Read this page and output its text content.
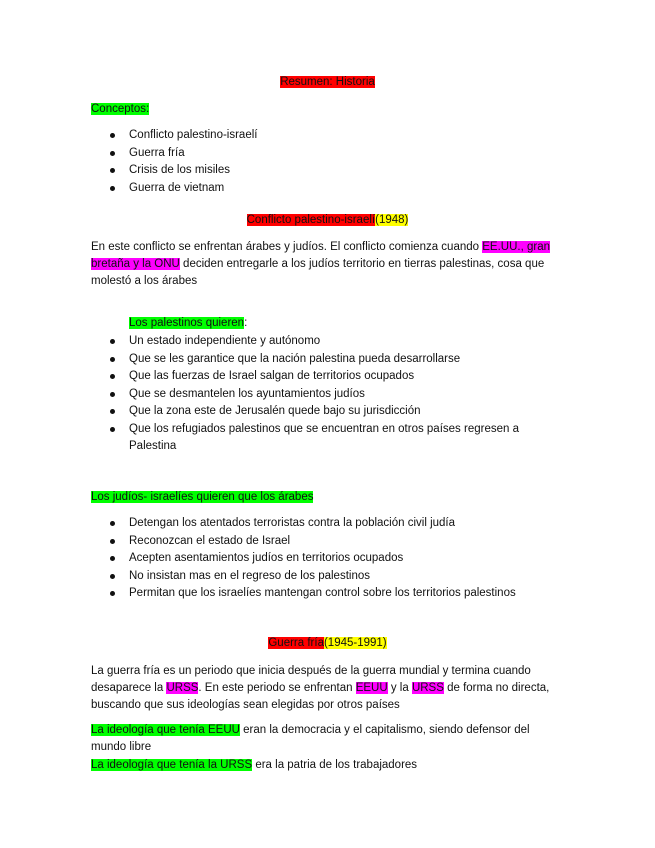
Resumen: Historia
Conceptos:
Conflicto palestino-israelí
Guerra fría
Crisis de los misiles
Guerra de vietnam
Conflicto palestino-israelí(1948)
En este conflicto se enfrentan árabes y judíos. El conflicto comienza cuando EE.UU., gran bretaña y la ONU deciden entregarle a los judíos territorio en tierras palestinas, cosa que molestó a los árabes
Los palestinos quieren:
Un estado independiente y autónomo
Que se les garantice que la nación palestina pueda desarrollarse
Que las fuerzas de Israel salgan de territorios ocupados
Que se desmantelen los ayuntamientos judíos
Que la zona este de Jerusalén quede bajo su jurisdicción
Que los refugiados palestinos que se encuentran en otros países regresen a Palestina
Los judíos- israelíes quieren que los árabes
Detengan los atentados terroristas contra la población civil judía
Reconozcan el estado de Israel
Acepten asentamientos judíos en territorios ocupados
No insistan mas en el regreso de los palestinos
Permitan que los israelíes mantengan control sobre los territorios palestinos
Guerra fría(1945-1991)
La guerra fría es un periodo que inicia después de la guerra mundial y termina cuando desaparece la URSS. En este periodo se enfrentan EEUU y la URSS de forma no directa, buscando que sus ideologías sean elegidas por otros países
La ideología que tenía EEUU eran la democracia y el capitalismo, siendo defensor del mundo libre
La ideología que tenía la URSS era la patria de los trabajadores
